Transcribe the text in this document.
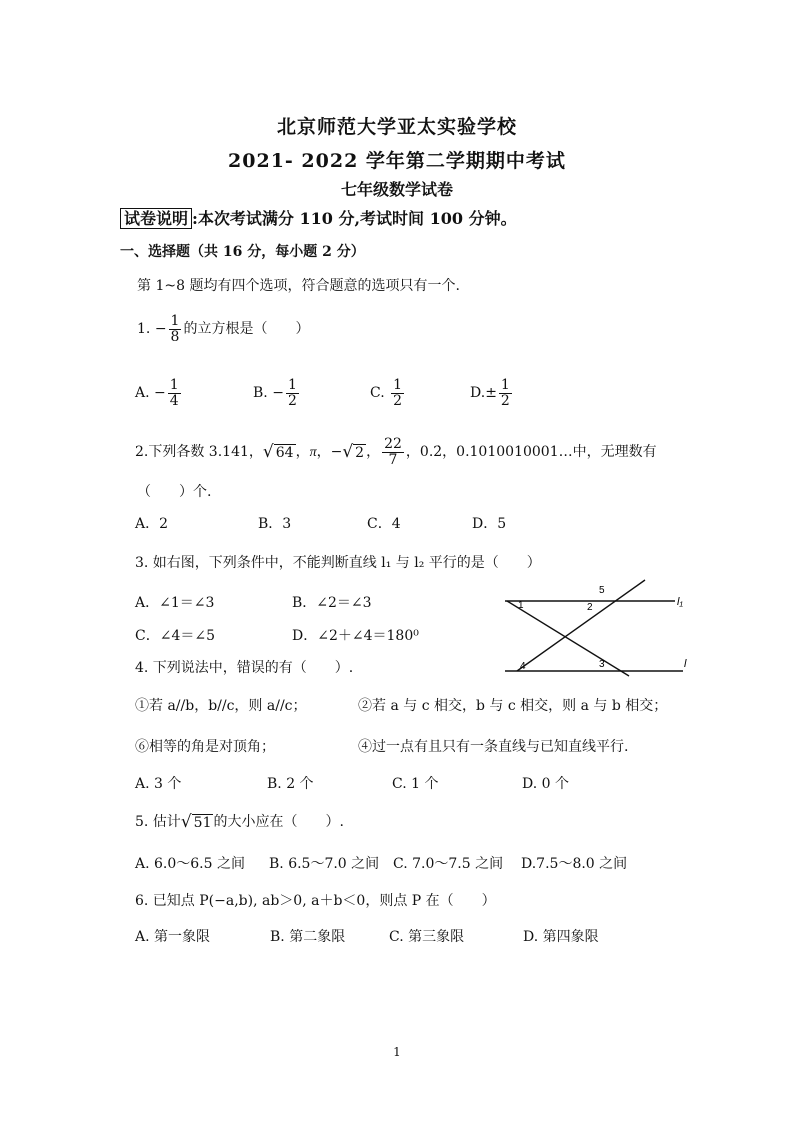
北京师范大学亚太实验学校
2021- 2022 学年第二学期期中考试
七年级数学试卷
试卷说明 :本次考试满分 110 分,考试时间 100 分钟。
一、选择题（共 16 分，每小题 2 分）
第 1~8 题均有四个选项，符合题意的选项只有一个.
1. − $\frac{1}{8}$ 的立方根是（　　）
A. − $\frac{1}{4}$	B. − $\frac{1}{2}$	C. $\frac{1}{2}$	$D.\pm \frac{1}{2}$
2.下列各数 3.141，√ 64 ，π，−√ 2 ， $\frac{22}{7}$ ，0.2̇，0.1010010001…中，无理数有
（　　）个.
A．2	B．3	C．4	D．5
3. 如右图，下列条件中，不能判断直线 l₁ 与 l₂ 平行的是（　　）
A．∠1＝∠3	B．∠2＝∠3
C．∠4＝∠5	D．∠2＋∠4＝180⁰
1	2
3
4
5
l₁
l
4. 下列说法中，错误的有（　　）.
①若 a//b，b//c，则 a//c；	②若 a 与 c 相交，b 与 c 相交，则 a 与 b 相交；
⑥相等的角是对顶角；	④过一点有且只有一条直线与已知直线平行.
A. 3 个	B. 2 个	C. 1 个	D. 0 个
5. 估计√ 51 的大小应在（　　）.
A. 6.0～6.5 之间 B. 6.5～7.0 之间 C. 7.0～7.5 之间 D.7.5～8.0 之间
6. 已知点 P(−a,b), ab＞0, a＋b＜0，则点 P 在（　　）
A. 第一象限	B. 第二象限	C. 第三象限	D. 第四象限
1
